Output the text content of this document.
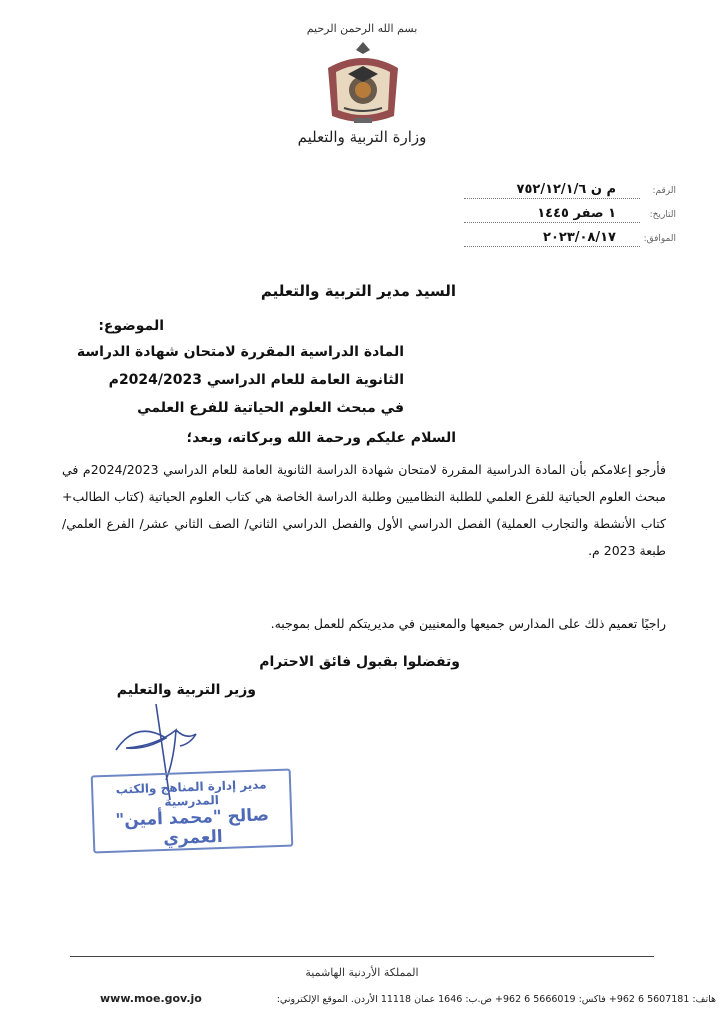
بسم الله الرحمن الرحيم
وزارة التربية والتعليم
الرقم:
م ن ٧٥٢/١٢/١/٦
التاريخ:
١ صفر ١٤٤٥
الموافق:
٢٠٢٣/٠٨/١٧
السيد مدير التربية والتعليم
الموضوع:
المادة الدراسية المقررة لامتحان شهادة الدراسة
الثانوية العامة للعام الدراسي 2024/2023م
في مبحث العلوم الحياتية للفرع العلمي
السلام عليكم ورحمة الله وبركاته، وبعد؛
فأرجو إعلامكم بأن المادة الدراسية المقررة لامتحان شهادة الدراسة الثانوية العامة للعام الدراسي 2024/2023م في مبحث العلوم الحياتية للفرع العلمي للطلبة النظاميين وطلبة الدراسة الخاصة هي كتاب العلوم الحياتية (كتاب الطالب+ كتاب الأنشطة والتجارب العملية) الفصل الدراسي الأول والفصل الدراسي الثاني/ الصف الثاني عشر/ الفرع العلمي/ طبعة 2023 م.
راجيًا تعميم ذلك على المدارس جميعها والمعنيين في مديريتكم للعمل بموجبه.
وتفضلوا بقبول فائق الاحترام
وزير التربية والتعليم
مدير إدارة المناهج والكتب المدرسية
صالح "محمد أمين" العمري
المملكة الأردنية الهاشمية
هاتف: 5607181 6 962+ فاكس: 5666019 6 962+ ص.ب: 1646 عمان 11118 الأردن. الموقع الإلكتروني:
www.moe.gov.jo
